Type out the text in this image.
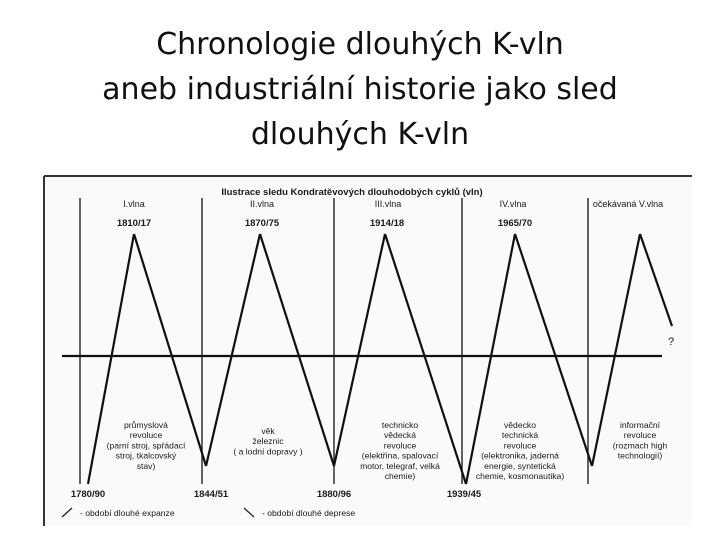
Chronologie dlouhých K-vln
aneb industriální historie jako sled
dlouhých K-vln
Ilustrace sledu Kondratěvových dlouhodobých cyklů (vln)
I.vlna	II.vlna	III.vlna	IV.vlna	očekávaná V.vlna
1810/17	1870/75	1914/18	1965/70
?
průmyslová revoluce (parní stroj, spřádací stroj, tkalcovský stav)
věk železnic ( a lodní dopravy )
technicko vědecká revoluce (elektřina, spalovací motor, telegraf, velká chemie)
vědecko technická revoluce (elektronika, jaderná energie, syntetická chemie, kosmonautika)
informační revoluce (rozmach high technologií)
1780/90	1844/51	1880/96	1939/45
- období dlouhé expanze	- období dlouhé deprese
